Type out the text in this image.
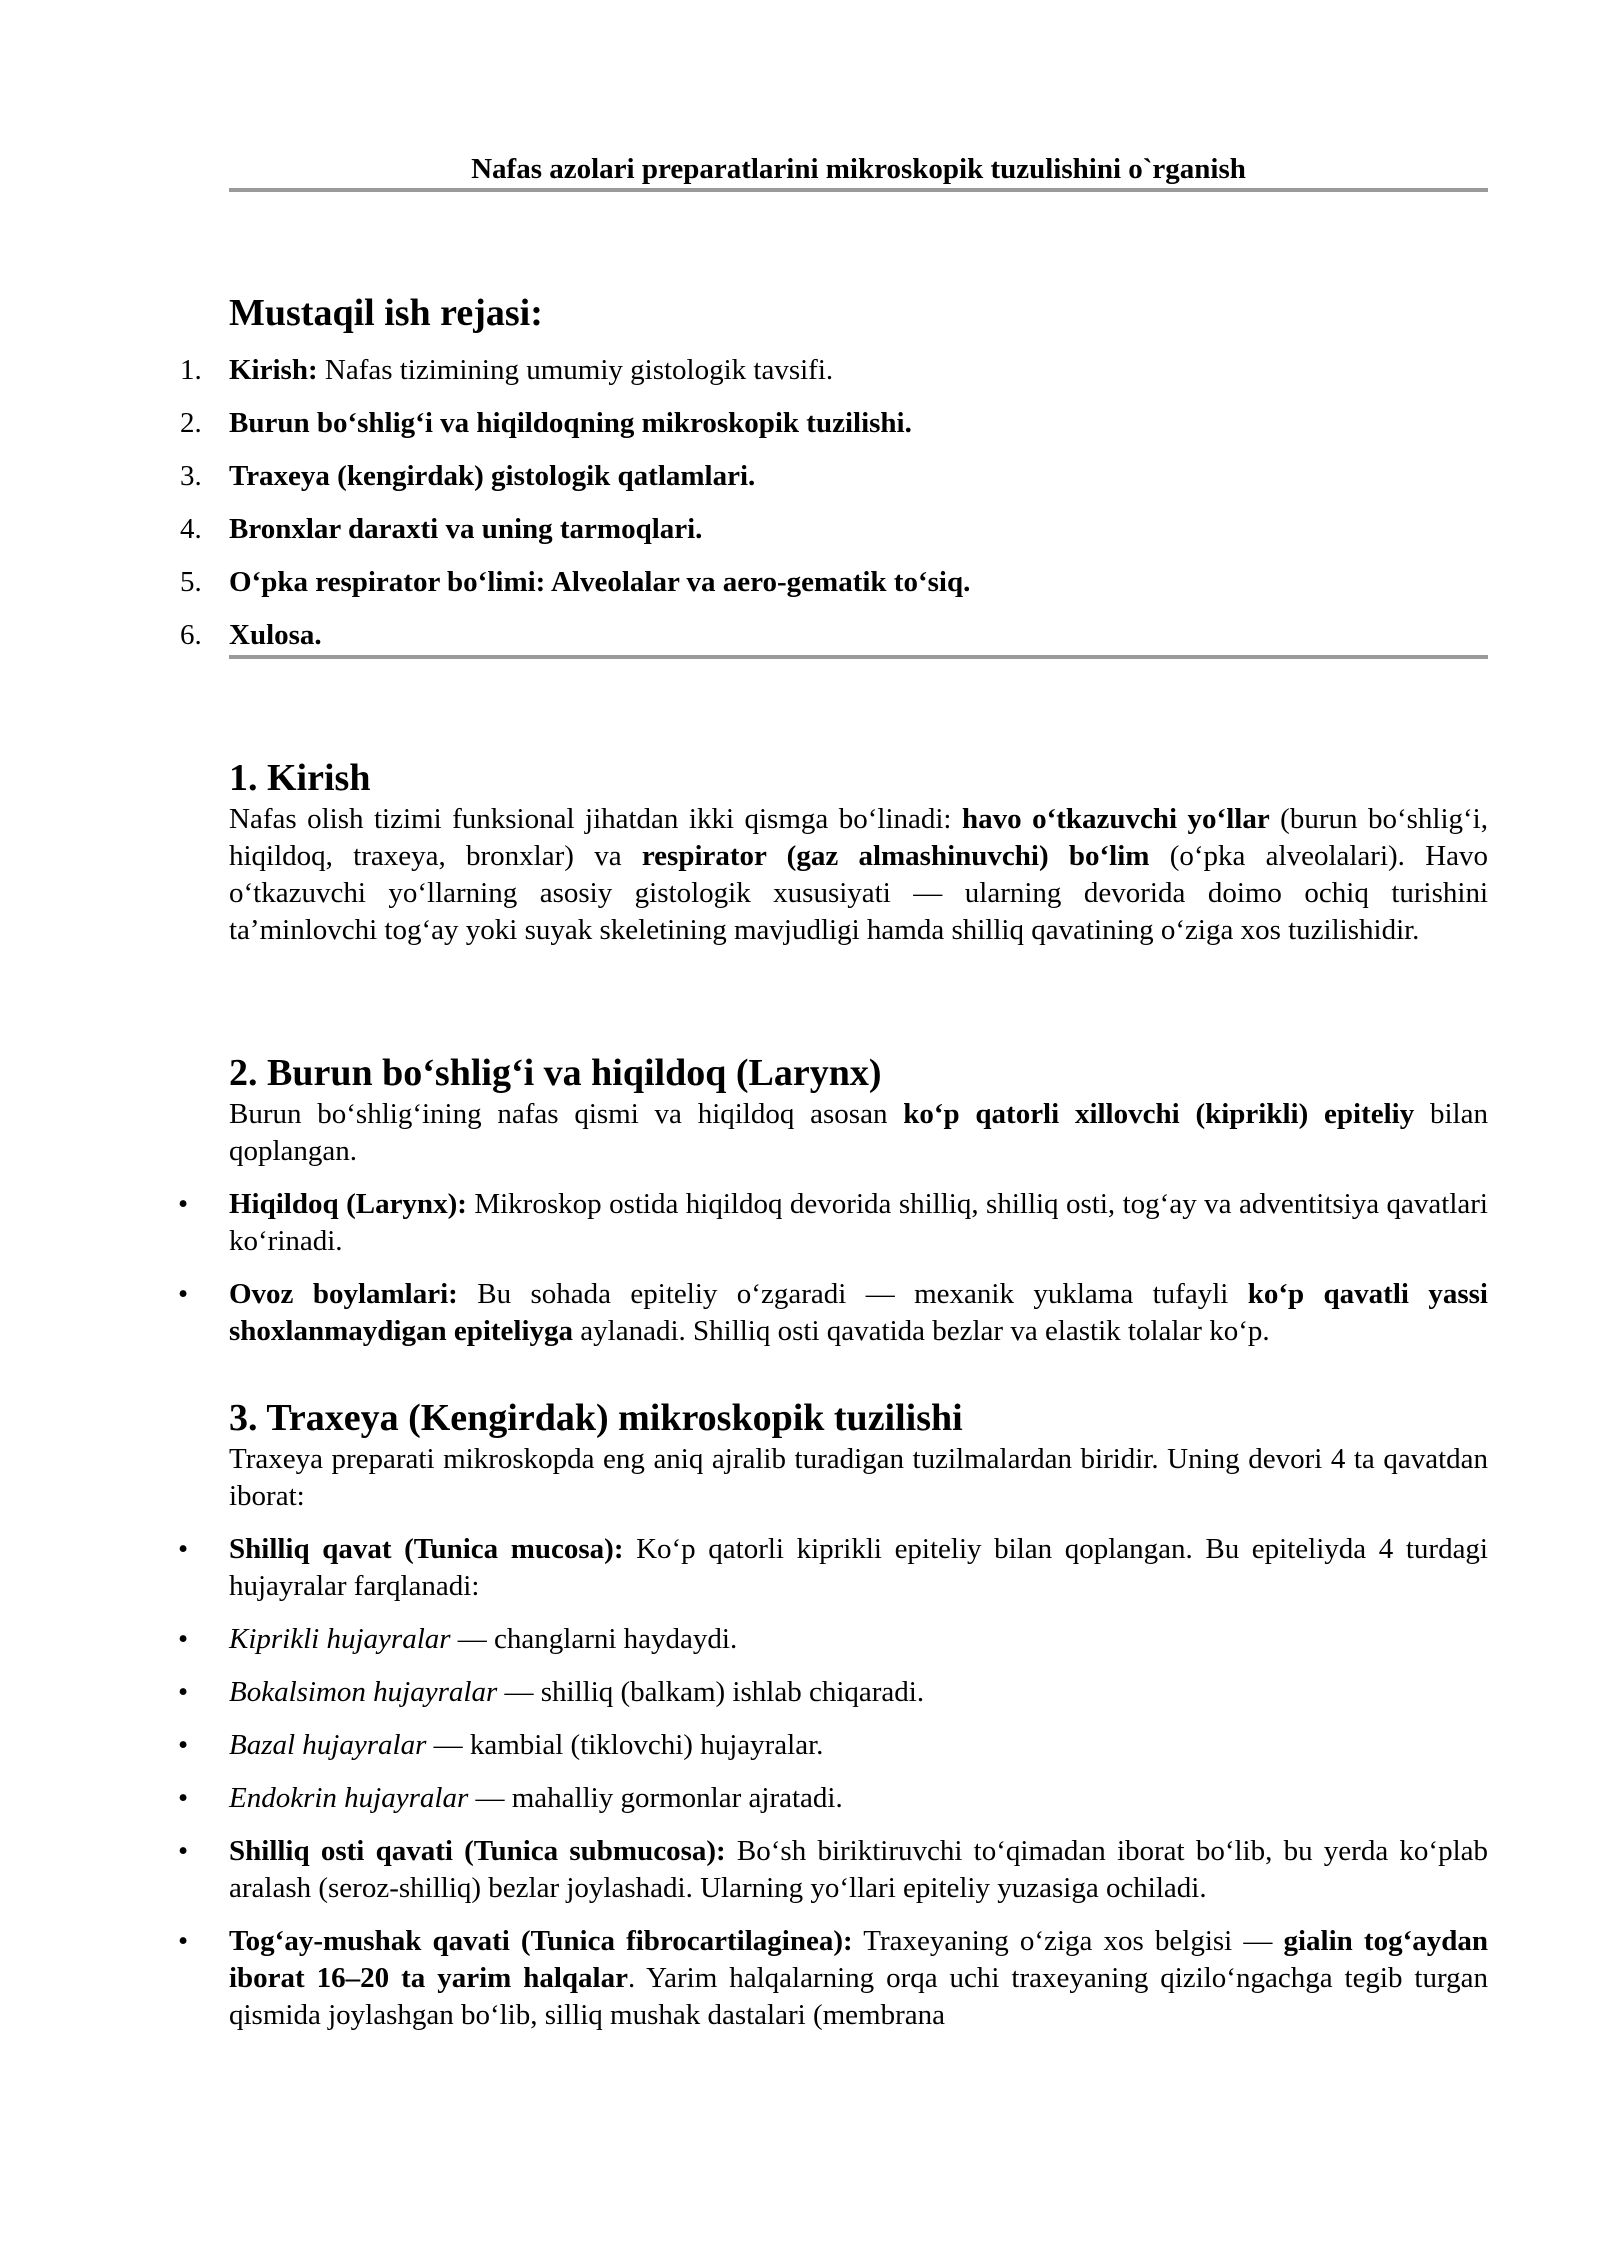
Nafas azolari preparatlarini mikroskopik tuzulishini o`rganish
Mustaqil ish rejasi:
1. Kirish: Nafas tizimining umumiy gistologik tavsifi.
2. Burun bo‘shlig‘i va hiqildoqning mikroskopik tuzilishi.
3. Traxeya (kengirdak) gistologik qatlamlari.
4. Bronxlar daraxti va uning tarmoqlari.
5. O‘pka respirator bo‘limi: Alveolalar va aero-gematik to‘siq.
6. Xulosa.
1. Kirish

Nafas olish tizimi funksional jihatdan ikki qismga bo‘linadi: havo o‘tkazuvchi yo‘llar (burun bo‘shlig‘i, hiqildoq, traxeya, bronxlar) va respirator (gaz almashinuvchi) bo‘lim (o‘pka alveolalari). Havo o‘tkazuvchi yo‘llarning asosiy gistologik xususiyati — ularning devorida doimo ochiq turishini ta’minlovchi tog‘ay yoki suyak skeletining mavjudligi hamda shilliq qavatining o‘ziga xos tuzilishidir.

2. Burun bo‘shlig‘i va hiqildoq (Larynx)

Burun bo‘shlig‘ining nafas qismi va hiqildoq asosan ko‘p qatorli xillovchi (kiprikli) epiteliy bilan qoplangan.

• Hiqildoq (Larynx): Mikroskop ostida hiqildoq devorida shilliq, shilliq osti, tog‘ay va adventitsiya qavatlari ko‘rinadi.
• Ovoz boylamlari: Bu sohada epiteliy o‘zgaradi — mexanik yuklama tufayli ko‘p qavatli yassi shoxlanmaydigan epiteliyga aylanadi. Shilliq osti qavatida bezlar va elastik tolalar ko‘p.
3. Traxeya (Kengirdak) mikroskopik tuzilishi

Traxeya preparati mikroskopda eng aniq ajralib turadigan tuzilmalardan biridir. Uning devori 4 ta qavatdan iborat:

• Shilliq qavat (Tunica mucosa): Ko‘p qatorli kiprikli epiteliy bilan qoplangan. Bu epiteliyda 4 turdagi hujayralar farqlanadi:
• Kiprikli hujayralar — changlarni haydaydi.
• Bokalsimon hujayralar — shilliq (balkam) ishlab chiqaradi.
• Bazal hujayralar — kambial (tiklovchi) hujayralar.
• Endokrin hujayralar — mahalliy gormonlar ajratadi.
• Shilliq osti qavati (Tunica submucosa): Bo‘sh biriktiruvchi to‘qimadan iborat bo‘lib, bu yerda ko‘plab aralash (seroz-shilliq) bezlar joylashadi. Ularning yo‘llari epiteliy yuzasiga ochiladi.
• Tog‘ay-mushak qavati (Tunica fibrocartilaginea): Traxeyaning o‘ziga xos belgisi — gialin tog‘aydan iborat 16–20 ta yarim halqalar. Yarim halqalarning orqa uchi traxeyaning qizilo‘ngachga tegib turgan qismida joylashgan bo‘lib, silliq mushak dastalari (membrana
